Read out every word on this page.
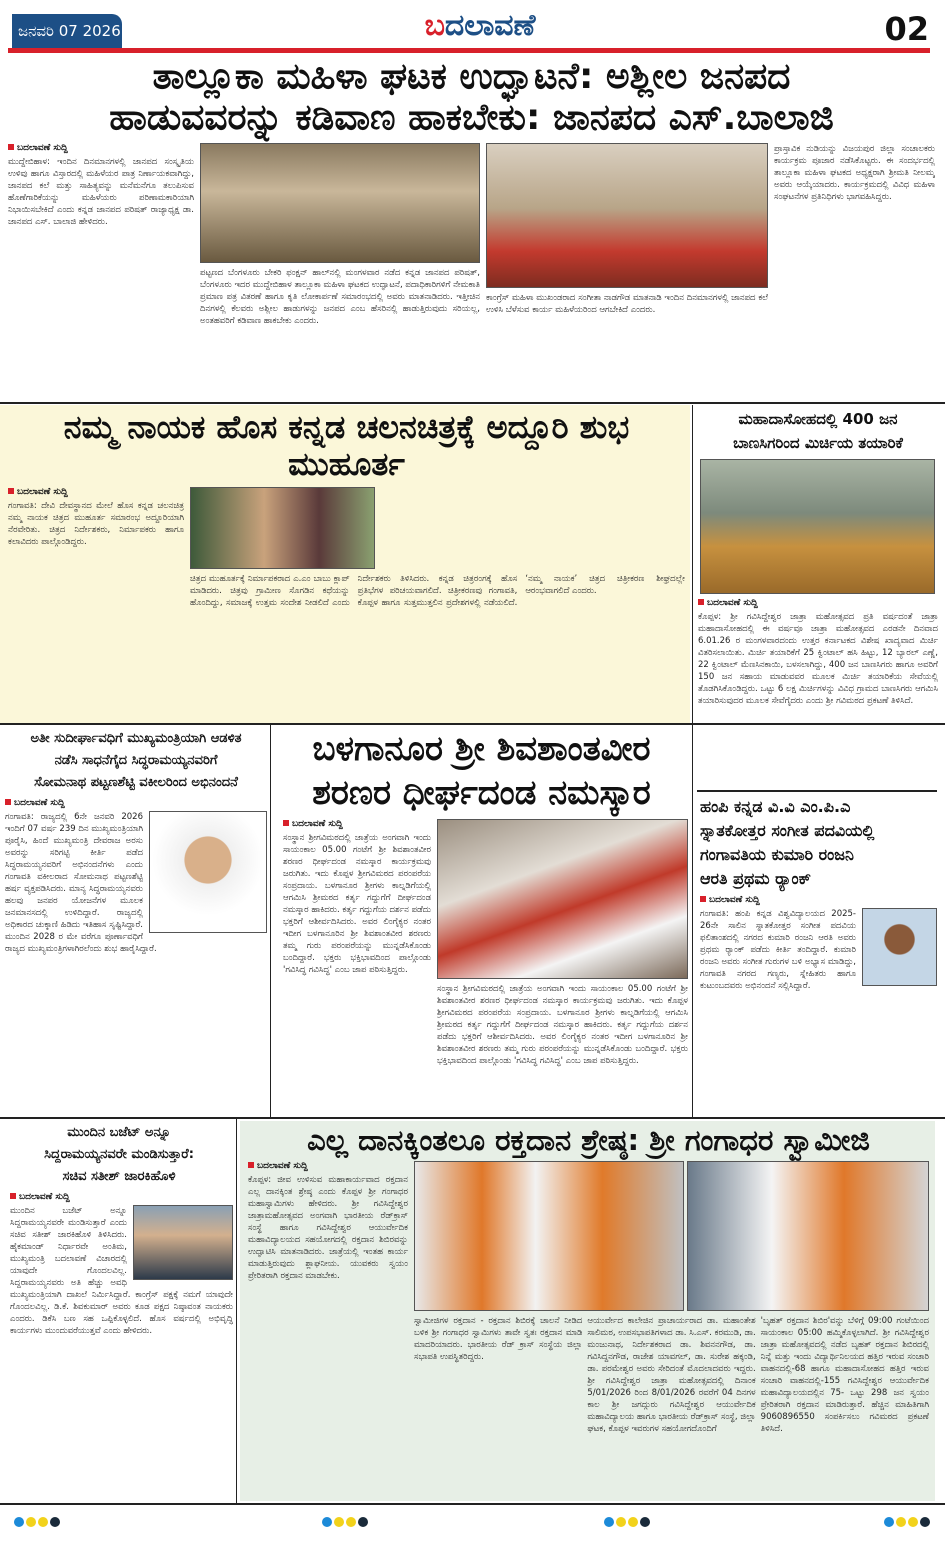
ಜನವರಿ 07 2026	ಬದಲಾವಣೆ	02
ತಾಲ್ಲೂಕಾ ಮಹಿಳಾ ಘಟಕ ಉದ್ಘಾಟನೆ: ಅಶ್ಲೀಲ ಜನಪದ
ಹಾಡುವವರನ್ನು ಕಡಿವಾಣ ಹಾಕಬೇಕು: ಜಾನಪದ ಎಸ್.ಬಾಲಾಜಿ
ಬದಲಾವಣೆ ಸುದ್ದಿ
ಮುದ್ದೇಬಿಹಾಳ: ಇಂದಿನ ದಿನಮಾನಗಳಲ್ಲಿ ಜಾನಪದ ಸಂಸ್ಕೃತಿಯ ಉಳಿವು ಹಾಗೂ ವಿಸ್ತಾರದಲ್ಲಿ ಮಹಿಳೆಯರ ಪಾತ್ರ ನಿರ್ಣಾಯಕವಾಗಿದ್ದು, ಜಾನಪದ ಕಲೆ ಮತ್ತು ಸಾಹಿತ್ಯವನ್ನು ಮನೆಮನೆಗೂ ತಲುಪಿಸುವ ಹೊಣೆಗಾರಿಕೆಯನ್ನು ಮಹಿಳೆಯರು ಪರಿಣಾಮಕಾರಿಯಾಗಿ ನಿಭಾಯಿಸಬೇಕಿದೆ ಎಂದು ಕನ್ನಡ ಜಾನಪದ ಪರಿಷತ್ ರಾಜ್ಯಾಧ್ಯಕ್ಷ ಡಾ. ಜಾನಪದ ಎಸ್. ಬಾಲಾಜಿ ಹೇಳಿದರು.
ಪಟ್ಟಣದ ಬೆಂಗಳೂರು ಬೇಕರಿ ಫಂಕ್ಷನ್ ಹಾಲ್‌ನಲ್ಲಿ ಮಂಗಳವಾರ ನಡೆದ ಕನ್ನಡ ಜಾನಪದ ಪರಿಷತ್, ಬೆಂಗಳೂರು ಇದರ ಮುದ್ದೇಬಿಹಾಳ ತಾಲ್ಲೂಕಾ ಮಹಿಳಾ ಘಟಕದ ಉದ್ಘಾಟನೆ, ಪದಾಧಿಕಾರಿಗಳಿಗೆ ನೇಮಕಾತಿ ಪ್ರಮಾಣ ಪತ್ರ ವಿತರಣೆ ಹಾಗೂ ಕೃತಿ ಲೋಕಾರ್ಪಣೆ ಸಮಾರಂಭದಲ್ಲಿ ಅವರು ಮಾತನಾಡಿದರು. ಇತ್ತೀಚಿನ ದಿನಗಳಲ್ಲಿ ಕೆಲವರು ಅಶ್ಲೀಲ ಹಾಡುಗಳನ್ನು ಜನಪದ ಎಂಬ ಹೆಸರಿನಲ್ಲಿ ಹಾಡುತ್ತಿರುವುದು ಸರಿಯಲ್ಲ, ಅಂತಹವರಿಗೆ ಕಡಿವಾಣ ಹಾಕಬೇಕು ಎಂದರು.
ಕಾಂಗ್ರೆಸ್ ಮಹಿಳಾ ಮುಖಂಡರಾದ ಸಂಗೀತಾ ನಾಡಗೌಡ ಮಾತನಾಡಿ ಇಂದಿನ ದಿನಮಾನಗಳಲ್ಲಿ ಜಾನಪದ ಕಲೆ ಉಳಿಸಿ ಬೆಳೆಸುವ ಕಾರ್ಯ ಮಹಿಳೆಯರಿಂದ ಆಗಬೇಕಿದೆ ಎಂದರು.
ಪ್ರಾಸ್ತಾವಿಕ ನುಡಿಯನ್ನು ವಿಜಯಪುರ ಜಿಲ್ಲಾ ಸಂಚಾಲಕರು ಕಾರ್ಯಕ್ರಮ ಪೂಜಾರ ನಡೆಸಿಕೊಟ್ಟರು. ಈ ಸಂದರ್ಭದಲ್ಲಿ ತಾಲ್ಲೂಕಾ ಮಹಿಳಾ ಘಟಕದ ಅಧ್ಯಕ್ಷರಾಗಿ ಶ್ರೀಮತಿ ನೀಲಮ್ಮ ಅವರು ಆಯ್ಕೆಯಾದರು. ಕಾರ್ಯಕ್ರಮದಲ್ಲಿ ವಿವಿಧ ಮಹಿಳಾ ಸಂಘಟನೆಗಳ ಪ್ರತಿನಿಧಿಗಳು ಭಾಗವಹಿಸಿದ್ದರು.
ನಮ್ಮ ನಾಯಕ ಹೊಸ ಕನ್ನಡ ಚಲನಚಿತ್ರಕ್ಕೆ ಅದ್ದೂರಿ ಶುಭ ಮುಹೂರ್ತ
ಬದಲಾವಣೆ ಸುದ್ದಿ
ಗಂಗಾವತಿ: ದೇವಿ ದೇವಸ್ಥಾನದ ಮೇಲೆ ಹೊಸ ಕನ್ನಡ ಚಲನಚಿತ್ರ ನಮ್ಮ ನಾಯಕ ಚಿತ್ರದ ಮುಹೂರ್ತ ಸಮಾರಂಭ ಅದ್ದೂರಿಯಾಗಿ ನೆರವೇರಿತು. ಚಿತ್ರದ ನಿರ್ದೇಶಕರು, ನಿರ್ಮಾಪಕರು ಹಾಗೂ ಕಲಾವಿದರು ಪಾಲ್ಗೊಂಡಿದ್ದರು.
ಚಿತ್ರದ ಮುಹೂರ್ತಕ್ಕೆ ನಿರ್ಮಾಪಕರಾದ ಎ.ಎಂ ಬಾಬು ಕ್ಲಾಪ್ ಮಾಡಿದರು. ಚಿತ್ರವು ಗ್ರಾಮೀಣ ಸೊಗಡಿನ ಕಥೆಯನ್ನು ಹೊಂದಿದ್ದು, ಸಮಾಜಕ್ಕೆ ಉತ್ತಮ ಸಂದೇಶ ನೀಡಲಿದೆ ಎಂದು ನಿರ್ದೇಶಕರು ತಿಳಿಸಿದರು. ಕನ್ನಡ ಚಿತ್ರರಂಗಕ್ಕೆ ಹೊಸ ಪ್ರತಿಭೆಗಳ ಪರಿಚಯವಾಗಲಿದೆ. ಚಿತ್ರೀಕರಣವು ಗಂಗಾವತಿ, ಕೊಪ್ಪಳ ಹಾಗೂ ಸುತ್ತಮುತ್ತಲಿನ ಪ್ರದೇಶಗಳಲ್ಲಿ ನಡೆಯಲಿದೆ. ‘ನಮ್ಮ ನಾಯಕ’ ಚಿತ್ರದ ಚಿತ್ರೀಕರಣ ಶೀಘ್ರದಲ್ಲೇ ಆರಂಭವಾಗಲಿದೆ ಎಂದರು.
ಮಹಾದಾಸೋಹದಲ್ಲಿ 400 ಜನ
ಬಾಣಸಿಗರಿಂದ ಮಿರ್ಚಿಯ ತಯಾರಿಕೆ
ಬದಲಾವಣೆ ಸುದ್ದಿ
ಕೊಪ್ಪಳ: ಶ್ರೀ ಗವಿಸಿದ್ದೇಶ್ವರ ಜಾತ್ರಾ ಮಹೋತ್ಸವದ ಪ್ರತಿ ವರ್ಷದಂತೆ ಜಾತ್ರಾ ಮಹಾದಾಸೋಹದಲ್ಲಿ ಈ ವರ್ಷವೂ ಜಾತ್ರಾ ಮಹೋತ್ಸವದ ಎರಡನೇ ದಿನವಾದ 6.01.26 ರ ಮಂಗಳವಾರದಂದು ಉತ್ತರ ಕರ್ನಾಟಕದ ವಿಶೇಷ ಖಾದ್ಯವಾದ ಮಿರ್ಚಿ ವಿತರಿಸಲಾಯಿತು. ಮಿರ್ಚಿ ತಯಾರಿಕೆಗೆ 25 ಕ್ವಿಂಟಾಲ್ ಹಸಿ ಹಿಟ್ಟು, 12 ಬ್ಯಾರಲ್ ಎಣ್ಣೆ, 22 ಕ್ವಿಂಟಾಲ್ ಮೆಣಸಿನಕಾಯಿ, ಬಳಸಲಾಗಿದ್ದು, 400 ಜನ ಬಾಣಸಿಗರು ಹಾಗೂ ಅವರಿಗೆ 150 ಜನ ಸಹಾಯ ಮಾಡುವವರ ಮೂಲಕ ಮಿರ್ಚಿ ತಯಾರಿಕೆಯ ಸೇವೆಯಲ್ಲಿ ತೊಡಗಿಸಿಕೊಂಡಿದ್ದರು. ಒಟ್ಟು 6 ಲಕ್ಷ ಮಿರ್ಚಿಗಳನ್ನು ವಿವಿಧ ಗ್ರಾಮದ ಬಾಣಸಿಗರು ಆಗಮಿಸಿ ತಯಾರಿಸುವುದರ ಮೂಲಕ ಸೇವೆಗೈದರು ಎಂದು ಶ್ರೀ ಗವಿಮಠದ ಪ್ರಕಟಣೆ ತಿಳಿಸಿದೆ.
ಅತೀ ಸುದೀರ್ಘಾವಧಿಗೆ ಮುಖ್ಯಮಂತ್ರಿಯಾಗಿ ಆಡಳಿತ
ನಡೆಸಿ ಸಾಧನೆಗೈದ ಸಿದ್ಧರಾಮಯ್ಯನವರಿಗೆ
ಸೋಮನಾಥ ಪಟ್ಟಣಶೆಟ್ಟಿ ವಕೀಲರಿಂದ ಅಭಿನಂದನೆ
ಬದಲಾವಣೆ ಸುದ್ದಿ
ಗಂಗಾವತಿ: ರಾಜ್ಯದಲ್ಲಿ 6ನೇ ಜನವರಿ 2026 ಇಂದಿಗೆ 07 ವರ್ಷ 239 ದಿನ ಮುಖ್ಯಮಂತ್ರಿಯಾಗಿ ಪೂರೈಸಿ, ಹಿಂದೆ ಮುಖ್ಯಮಂತ್ರಿ ದೇವರಾಜ ಅರಸು ಅವರನ್ನು ಸರಿಗಟ್ಟಿ ಕೀರ್ತಿ ಪಡೆದ ಸಿದ್ಧರಾಮಯ್ಯನವರಿಗೆ ಅಭಿನಂದನೆಗಳು ಎಂದು ಗಂಗಾವತಿ ವಕೀಲರಾದ ಸೋಮನಾಥ ಪಟ್ಟಣಶೆಟ್ಟಿ ಹರ್ಷ ವ್ಯಕ್ತಪಡಿಸಿದರು. ಮಾನ್ಯ ಸಿದ್ಧರಾಮಯ್ಯನವರು ಹಲವು ಜನಪರ ಯೋಜನೆಗಳ ಮೂಲಕ ಜನಮಾನಸದಲ್ಲಿ ಉಳಿದಿದ್ದಾರೆ. ರಾಜ್ಯದಲ್ಲಿ ಅಧಿಕಾರದ ಚುಕ್ಕಾಣಿ ಹಿಡಿದು ಇತಿಹಾಸ ಸೃಷ್ಟಿಸಿದ್ದಾರೆ. ಮುಂದಿನ 2028 ರ ಮೇ ವರೆಗೂ ಪೂರ್ಣಾವಧಿಗೆ ರಾಜ್ಯದ ಮುಖ್ಯಮಂತ್ರಿಗಳಾಗಿರಲೆಂದು ಶುಭ ಹಾರೈಸಿದ್ದಾರೆ.
ಬಳಗಾನೂರ ಶ್ರೀ ಶಿವಶಾಂತವೀರ
ಶರಣರ ಧೀರ್ಘದಂಡ ನಮಸ್ಕಾರ
ಬದಲಾವಣೆ ಸುದ್ದಿ
ಸಂಸ್ಥಾನ ಶ್ರೀಗವಿಮಠದಲ್ಲಿ ಜಾತ್ರೆಯ ಅಂಗವಾಗಿ ಇಂದು ಸಾಯಂಕಾಲ 05.00 ಗಂಟೆಗೆ ಶ್ರೀ ಶಿವಶಾಂತವೀರ ಶರಣರ ಧೀರ್ಘದಂಡ ನಮಸ್ಕಾರ ಕಾರ್ಯಕ್ರಮವು ಜರುಗಿತು. ಇದು ಕೊಪ್ಪಳ ಶ್ರೀಗವಿಮಠದ ಪರಂಪರೆಯ ಸಂಪ್ರದಾಯ. ಬಳಗಾನೂರ ಶ್ರೀಗಳು ಕಾಲ್ನಡಿಗೆಯಲ್ಲಿ ಆಗಮಿಸಿ ಶ್ರೀಮಠದ ಕರ್ತೃ ಗದ್ದುಗೆಗೆ ದೀರ್ಘದಂಡ ನಮಸ್ಕಾರ ಹಾಕಿದರು. ಕರ್ತೃ ಗದ್ದುಗೆಯ ದರ್ಶನ ಪಡೆದು ಭಕ್ತರಿಗೆ ಆಶೀರ್ವದಿಸಿದರು. ಅವರ ಲಿಂಗೈಕ್ಯರ ನಂತರ ಇದೀಗ ಬಳಗಾನೂರಿನ ಶ್ರೀ ಶಿವಶಾಂತವೀರ ಶರಣರು ತಮ್ಮ ಗುರು ಪರಂಪರೆಯನ್ನು ಮುನ್ನಡೆಸಿಕೊಂಡು ಬಂದಿದ್ದಾರೆ. ಭಕ್ತರು ಭಕ್ತಿಭಾವದಿಂದ ಪಾಲ್ಗೊಂಡು 'ಗವಿಸಿದ್ಧ ಗವಿಸಿದ್ಧ' ಎಂಬ ಜಾಪ ಪಠಿಸುತ್ತಿದ್ದರು.
ಸಂಸ್ಥಾನ ಶ್ರೀಗವಿಮಠದಲ್ಲಿ ಜಾತ್ರೆಯ ಅಂಗವಾಗಿ ಇಂದು ಸಾಯಂಕಾಲ 05.00 ಗಂಟೆಗೆ ಶ್ರೀ ಶಿವಶಾಂತವೀರ ಶರಣರ ಧೀರ್ಘದಂಡ ನಮಸ್ಕಾರ ಕಾರ್ಯಕ್ರಮವು ಜರುಗಿತು. ಇದು ಕೊಪ್ಪಳ ಶ್ರೀಗವಿಮಠದ ಪರಂಪರೆಯ ಸಂಪ್ರದಾಯ. ಬಳಗಾನೂರ ಶ್ರೀಗಳು ಕಾಲ್ನಡಿಗೆಯಲ್ಲಿ ಆಗಮಿಸಿ ಶ್ರೀಮಠದ ಕರ್ತೃ ಗದ್ದುಗೆಗೆ ದೀರ್ಘದಂಡ ನಮಸ್ಕಾರ ಹಾಕಿದರು. ಕರ್ತೃ ಗದ್ದುಗೆಯ ದರ್ಶನ ಪಡೆದು ಭಕ್ತರಿಗೆ ಆಶೀರ್ವದಿಸಿದರು. ಅವರ ಲಿಂಗೈಕ್ಯರ ನಂತರ ಇದೀಗ ಬಳಗಾನೂರಿನ ಶ್ರೀ ಶಿವಶಾಂತವೀರ ಶರಣರು ತಮ್ಮ ಗುರು ಪರಂಪರೆಯನ್ನು ಮುನ್ನಡೆಸಿಕೊಂಡು ಬಂದಿದ್ದಾರೆ. ಭಕ್ತರು ಭಕ್ತಿಭಾವದಿಂದ ಪಾಲ್ಗೊಂಡು 'ಗವಿಸಿದ್ಧ ಗವಿಸಿದ್ಧ' ಎಂಬ ಜಾಪ ಪಠಿಸುತ್ತಿದ್ದರು.
ಹಂಪಿ ಕನ್ನಡ ವಿ.ವಿ ಎಂ.ಪಿ.ಎ
ಸ್ನಾತಕೋತ್ತರ ಸಂಗೀತ ಪದವಿಯಲ್ಲಿ
ಗಂಗಾವತಿಯ ಕುಮಾರಿ ರಂಜನಿ
ಆರತಿ ಪ್ರಥಮ ರ್‍ಯಾಂಕ್
ಬದಲಾವಣೆ ಸುದ್ದಿ
ಗಂಗಾವತಿ: ಹಂಪಿ ಕನ್ನಡ ವಿಶ್ವವಿದ್ಯಾಲಯದ 2025-26ನೇ ಸಾಲಿನ ಸ್ನಾತಕೋತ್ತರ ಸಂಗೀತ ಪದವಿಯ ಫಲಿತಾಂಶದಲ್ಲಿ ನಗರದ ಕುಮಾರಿ ರಂಜನಿ ಆರತಿ ಅವರು ಪ್ರಥಮ ರ್‍ಯಾಂಕ್ ಪಡೆದು ಕೀರ್ತಿ ತಂದಿದ್ದಾರೆ. ಕುಮಾರಿ ರಂಜನಿ ಅವರು ಸಂಗೀತ ಗುರುಗಳ ಬಳಿ ಅಭ್ಯಾಸ ಮಾಡಿದ್ದು, ಗಂಗಾವತಿ ನಗರದ ಗಣ್ಯರು, ಸ್ನೇಹಿತರು ಹಾಗೂ ಕುಟುಂಬದವರು ಅಭಿನಂದನೆ ಸಲ್ಲಿಸಿದ್ದಾರೆ.
ಮುಂದಿನ ಬಜೆಟ್ ಅನ್ನೂ
ಸಿದ್ದರಾಮಯ್ಯನವರೇ ಮಂಡಿಸುತ್ತಾರೆ:
ಸಚಿವ ಸತೀಶ್ ಜಾರಕಿಹೊಳಿ
ಬದಲಾವಣೆ ಸುದ್ದಿ
ಮುಂದಿನ ಬಜೆಟ್ ಅನ್ನೂ ಸಿದ್ದರಾಮಯ್ಯನವರೇ ಮಂಡಿಸುತ್ತಾರೆ ಎಂದು ಸಚಿವ ಸತೀಶ್ ಜಾರಕಿಹೊಳಿ ತಿಳಿಸಿದರು. ಹೈಕಮಾಂಡ್ ನಿರ್ಧಾರವೇ ಅಂತಿಮ, ಮುಖ್ಯಮಂತ್ರಿ ಬದಲಾವಣೆ ವಿಚಾರದಲ್ಲಿ ಯಾವುದೇ ಗೊಂದಲವಿಲ್ಲ. ಸಿದ್ದರಾಮಯ್ಯನವರು ಅತಿ ಹೆಚ್ಚು ಅವಧಿ ಮುಖ್ಯಮಂತ್ರಿಯಾಗಿ ದಾಖಲೆ ನಿರ್ಮಿಸಿದ್ದಾರೆ. ಕಾಂಗ್ರೆಸ್ ಪಕ್ಷಕ್ಕೆ ನಮಗೆ ಯಾವುದೇ ಗೊಂದಲವಿಲ್ಲ. ಡಿ.ಕೆ. ಶಿವಕುಮಾರ್ ಅವರು ಕೂಡ ಪಕ್ಷದ ನಿಷ್ಠಾವಂತ ನಾಯಕರು ಎಂದರು. ಡಿಕೆಸಿ ಬಣ ಸಹ ಒಪ್ಪಿಕೊಳ್ಳಲಿದೆ. ಹೊಸ ವರ್ಷದಲ್ಲಿ ಅಭಿವೃದ್ಧಿ ಕಾರ್ಯಗಳು ಮುಂದುವರೆಯುತ್ತವೆ ಎಂದು ಹೇಳಿದರು.
ಎಲ್ಲ ದಾನಕ್ಕಿಂತಲೂ ರಕ್ತದಾನ ಶ್ರೇಷ್ಠ: ಶ್ರೀ ಗಂಗಾಧರ ಸ್ವಾಮೀಜಿ
ಬದಲಾವಣೆ ಸುದ್ದಿ
ಕೊಪ್ಪಳ: ಜೀವ ಉಳಿಸುವ ಮಹಾಕಾರ್ಯವಾದ ರಕ್ತದಾನ ಎಲ್ಲ ದಾನಕ್ಕಿಂತ ಶ್ರೇಷ್ಠ ಎಂದು ಕೊಪ್ಪಳ ಶ್ರೀ ಗಂಗಾಧರ ಮಹಾಸ್ವಾಮಿಗಳು ಹೇಳಿದರು. ಶ್ರೀ ಗವಿಸಿದ್ದೇಶ್ವರ ಜಾತ್ರಾಮಹೋತ್ಸವದ ಅಂಗವಾಗಿ ಭಾರತೀಯ ರೆಡ್‌ಕ್ರಾಸ್ ಸಂಸ್ಥೆ ಹಾಗೂ ಗವಿಸಿದ್ದೇಶ್ವರ ಆಯುರ್ವೇದಿಕ ಮಹಾವಿದ್ಯಾಲಯದ ಸಹಯೋಗದಲ್ಲಿ ರಕ್ತದಾನ ಶಿಬಿರವನ್ನು ಉದ್ಘಾಟಿಸಿ ಮಾತನಾಡಿದರು. ಜಾತ್ರೆಯಲ್ಲಿ ಇಂತಹ ಕಾರ್ಯ ಮಾಡುತ್ತಿರುವುದು ಶ್ಲಾಘನೀಯ. ಯುವಕರು ಸ್ವಯಂ ಪ್ರೇರಿತರಾಗಿ ರಕ್ತದಾನ ಮಾಡಬೇಕು.
ಸ್ವಾಮೀಜಿಗಳ ರಕ್ತದಾನ - ರಕ್ತದಾನ ಶಿಬಿರಕ್ಕೆ ಚಾಲನೆ ನೀಡಿದ ಬಳಿಕ ಶ್ರೀ ಗಂಗಾಧರ ಸ್ವಾಮಿಗಳು ತಾವೇ ಸ್ವತಃ ರಕ್ತದಾನ ಮಾಡಿ ಮಾದರಿಯಾದರು. ಭಾರತೀಯ ರೆಡ್ ಕ್ರಾಸ್ ಸಂಸ್ಥೆಯ ಜಿಲ್ಲಾ ಸಭಾಪತಿ ಉಪಸ್ಥಿತರಿದ್ದರು.
ಆಯುರ್ವೇದ ಕಾಲೇಜಿನ ಪ್ರಾಚಾರ್ಯರಾದ ಡಾ. ಮಹಾಂತೇಶ ಸಾಲಿಮಠ, ಉಪಸಭಾಪತಿಗಳಾದ ಡಾ. ಸಿ.ಎಸ್. ಕರಮುಡಿ, ಡಾ. ಮಂಜುನಾಥ, ನಿರ್ದೇಶಕರಾದ ಡಾ. ಶಿವನನಗೌಡ, ಡಾ. ಗವಿಸಿದ್ದನಗೌಡ, ರಾಜೇಶ ಯಾವಗಲ್, ಡಾ. ಸುರೇಶ ಹಕ್ಕಂಡಿ, ಡಾ. ಪರಮೇಶ್ವರ ಅವರು ಸೇರಿದಂತೆ ಮೊದಲಾದವರು ಇದ್ದರು. ಶ್ರೀ ಗವಿಸಿದ್ದೇಶ್ವರ ಜಾತ್ರಾ ಮಹೋತ್ಸವದಲ್ಲಿ ದಿನಾಂಕ 5/01/2026 ರಿಂದ 8/01/2026 ರವರೆಗೆ 04 ದಿನಗಳ ಕಾಲ ಶ್ರೀ ಜಗದ್ಗುರು ಗವಿಸಿದ್ದೇಶ್ವರ ಆಯುರ್ವೇದಿಕ ಮಹಾವಿದ್ಯಾಲಯ ಹಾಗೂ ಭಾರತೀಯ ರೆಡ್‌ಕ್ರಾಸ್ ಸಂಸ್ಥೆ, ಜಿಲ್ಲಾ ಘಟಕ, ಕೊಪ್ಪಳ ಇವರುಗಳ ಸಹಯೋಗದೊಂದಿಗೆ
'ಬೃಹತ್ ರಕ್ತದಾನ ಶಿಬಿರ'ವನ್ನು ಬೆಳಿಗ್ಗೆ 09:00 ಗಂಟೆಯಿಂದ ಸಾಯಂಕಾಲ 05:00 ಹಮ್ಮಿಕೊಳ್ಳಲಾಗಿದೆ. ಶ್ರೀ ಗವಿಸಿದ್ದೇಶ್ವರ ಜಾತ್ರಾ ಮಹೋತ್ಸವದಲ್ಲಿ ನಡೆದ ಬೃಹತ್ ರಕ್ತದಾನ ಶಿಬಿರದಲ್ಲಿ ನಿನ್ನೆ ಮತ್ತು ಇಂದು ವಿದ್ಯಾರ್ಥಿನಿಲಯದ ಹತ್ತಿರ ಇರುವ ಸಂಚಾರಿ ವಾಹನದಲ್ಲಿ-68 ಹಾಗೂ ಮಹಾದಾಸೋಹದ ಹತ್ತಿರ ಇರುವ ಸಂಚಾರಿ ವಾಹನದಲ್ಲಿ-155 ಗವಿಸಿದ್ದೇಶ್ವರ ಆಯುರ್ವೇದಿಕ ಮಹಾವಿದ್ಯಾಲಯದಲ್ಲಿನ 75- ಒಟ್ಟು 298 ಜನ ಸ್ವಯಂ ಪ್ರೇರಿತರಾಗಿ ರಕ್ತದಾನ ಮಾಡಿರುತ್ತಾರೆ. ಹೆಚ್ಚಿನ ಮಾಹಿತಿಗಾಗಿ 9060896550 ಸಂಪರ್ಕಿಸಲು ಗವಿಮಠದ ಪ್ರಕಟಣೆ ತಿಳಿಸಿದೆ.
